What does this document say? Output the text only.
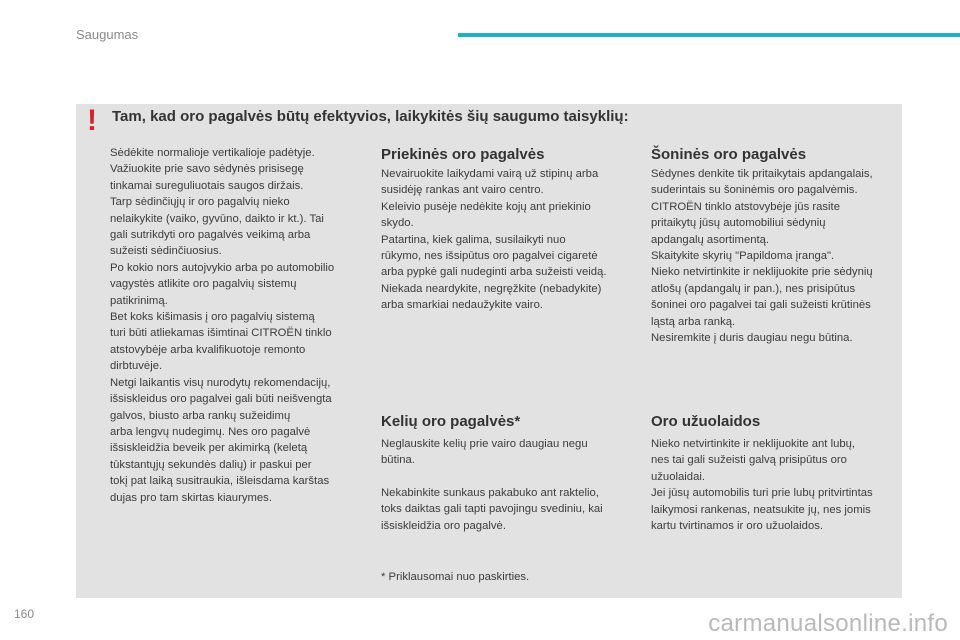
Saugumas
! Tam, kad oro pagalvės būtų efektyvios, laikykitės šių saugumo taisyklių:
Sėdėkite normalioje vertikalioje padėtyje.
Važiuokite prie savo sėdynės prisisegę
tinkamai sureguliuotais saugos diržais.
Tarp sėdinčiųjų ir oro pagalvių nieko
nelaikykite (vaiko, gyvūno, daikto ir kt.). Tai
gali sutrikdyti oro pagalvės veikimą arba
sužeisti sėdinčiuosius.
Po kokio nors autojvykio arba po automobilio
vagystės atlikite oro pagalvių sistemų
patikrinimą.
Bet koks kišimasis į oro pagalvių sistemą
turi būti atliekamas išimtinai CITROËN tinklo
atstovybėje arba kvalifikuotoje remonto
dirbtuvėje.
Netgi laikantis visų nurodytų rekomendacijų,
išsiskleidus oro pagalvei gali būti neišvengta
galvos, biusto arba rankų sužeidimų
arba lengvų nudegimų. Nes oro pagalvė
išsiskleidžia beveik per akimirką (keletą
tūkstantųjų sekundės dalių) ir paskui per
tokį pat laiką susitraukia, išleisdama karštas
dujas pro tam skirtas kiaurymes.
Priekinės oro pagalvės
Nevairuokite laikydami vairą už stipinų arba
susidėję rankas ant vairo centro.
Keleivio pusėje nedėkite kojų ant priekinio
skydo.
Patartina, kiek galima, susilaikyti nuo
rūkymo, nes išsipūtus oro pagalvei cigaretė
arba pypkė gali nudeginti arba sužeisti veidą.
Niekada neardykite, negręžkite (nebadykite)
arba smarkiai nedaužykite vairo.
Šoninės oro pagalvės
Sėdynes denkite tik pritaikytais apdangalais,
suderintais su šoninėmis oro pagalvėmis.
CITROËN tinklo atstovybėje jūs rasite
pritaikytų jūsų automobiliui sėdynių
apdangalų asortimentą.
Skaitykite skyrių "Papildoma įranga".
Nieko netvirtinkite ir neklijuokite prie sėdynių
atlošų (apdangalų ir pan.), nes prisipūtus
šoninei oro pagalvei tai gali sužeisti krūtinės
ląstą arba ranką.
Nesiremkite į duris daugiau negu būtina.
Kelių oro pagalvės*
Neglauskite kelių prie vairo daugiau negu
būtina.
Nekabinkite sunkaus pakabuko ant raktelio,
toks daiktas gali tapti pavojingu svediniu, kai
išsiskleidžia oro pagalvė.
Oro užuolaidos
Nieko netvirtinkite ir neklijuokite ant lubų,
nes tai gali sužeisti galvą prisipūtus oro
užuolaidai.
Jei jūsų automobilis turi prie lubų pritvirtintas
laikymosi rankenas, neatsukite jų, nes jomis
kartu tvirtinamos ir oro užuolaidos.
* Priklausomai nuo paskirties.
160	carmanualsonline.info
